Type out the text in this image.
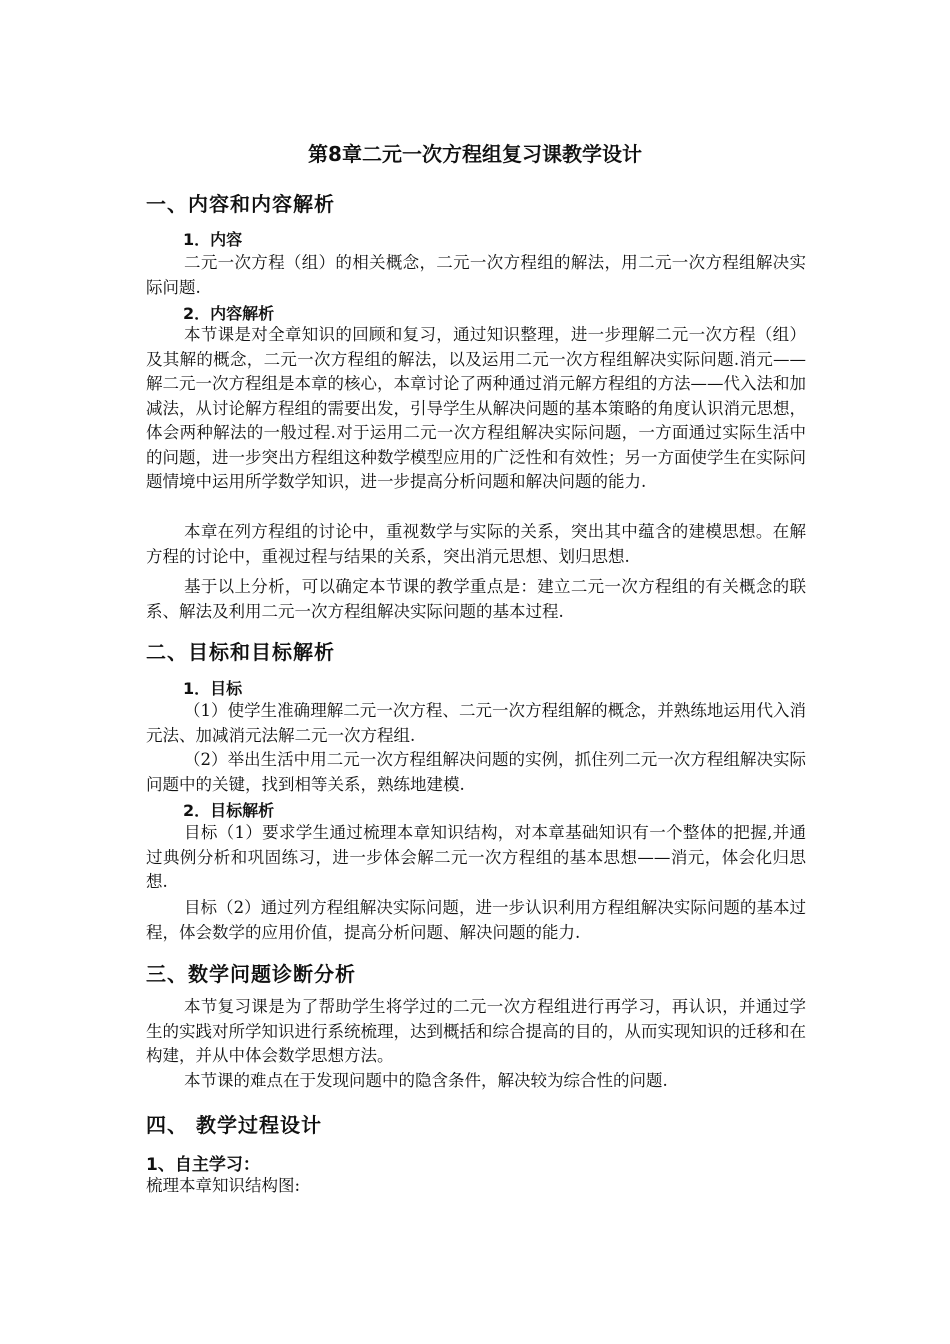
第8章二元一次方程组复习课教学设计
一、内容和内容解析
1．内容

二元一次方程（组）的相关概念，二元一次方程组的解法，用二元一次方程组解决实际问题.

2．内容解析

本节课是对全章知识的回顾和复习，通过知识整理，进一步理解二元一次方程（组）及其解的概念，二元一次方程组的解法，以及运用二元一次方程组解决实际问题.消元——解二元一次方程组是本章的核心，本章讨论了两种通过消元解方程组的方法——代入法和加减法，从讨论解方程组的需要出发，引导学生从解决问题的基本策略的角度认识消元思想，体会两种解法的一般过程.对于运用二元一次方程组解决实际问题，一方面通过实际生活中的问题，进一步突出方程组这种数学模型应用的广泛性和有效性；另一方面使学生在实际问题情境中运用所学数学知识，进一步提高分析问题和解决问题的能力.

本章在列方程组的讨论中，重视数学与实际的关系，突出其中蕴含的建模思想。在解方程的讨论中，重视过程与结果的关系，突出消元思想、划归思想.

基于以上分析，可以确定本节课的教学重点是：建立二元一次方程组的有关概念的联系、解法及利用二元一次方程组解决实际问题的基本过程.

二、目标和目标解析
1．目标

（1）使学生准确理解二元一次方程、二元一次方程组解的概念，并熟练地运用代入消元法、加减消元法解二元一次方程组.

（2）举出生活中用二元一次方程组解决问题的实例，抓住列二元一次方程组解决实际问题中的关键，找到相等关系，熟练地建模.

2．目标解析

目标（1）要求学生通过梳理本章知识结构，对本章基础知识有一个整体的把握,并通过典例分析和巩固练习，进一步体会解二元一次方程组的基本思想——消元，体会化归思想.

目标（2）通过列方程组解决实际问题，进一步认识利用方程组解决实际问题的基本过程，体会数学的应用价值，提高分析问题、解决问题的能力.

三、数学问题诊断分析

本节复习课是为了帮助学生将学过的二元一次方程组进行再学习，再认识，并通过学生的实践对所学知识进行系统梳理，达到概括和综合提高的目的，从而实现知识的迁移和在构建，并从中体会数学思想方法。

本节课的难点在于发现问题中的隐含条件，解决较为综合性的问题.

四、 教学过程设计
1、自主学习：
梳理本章知识结构图:
